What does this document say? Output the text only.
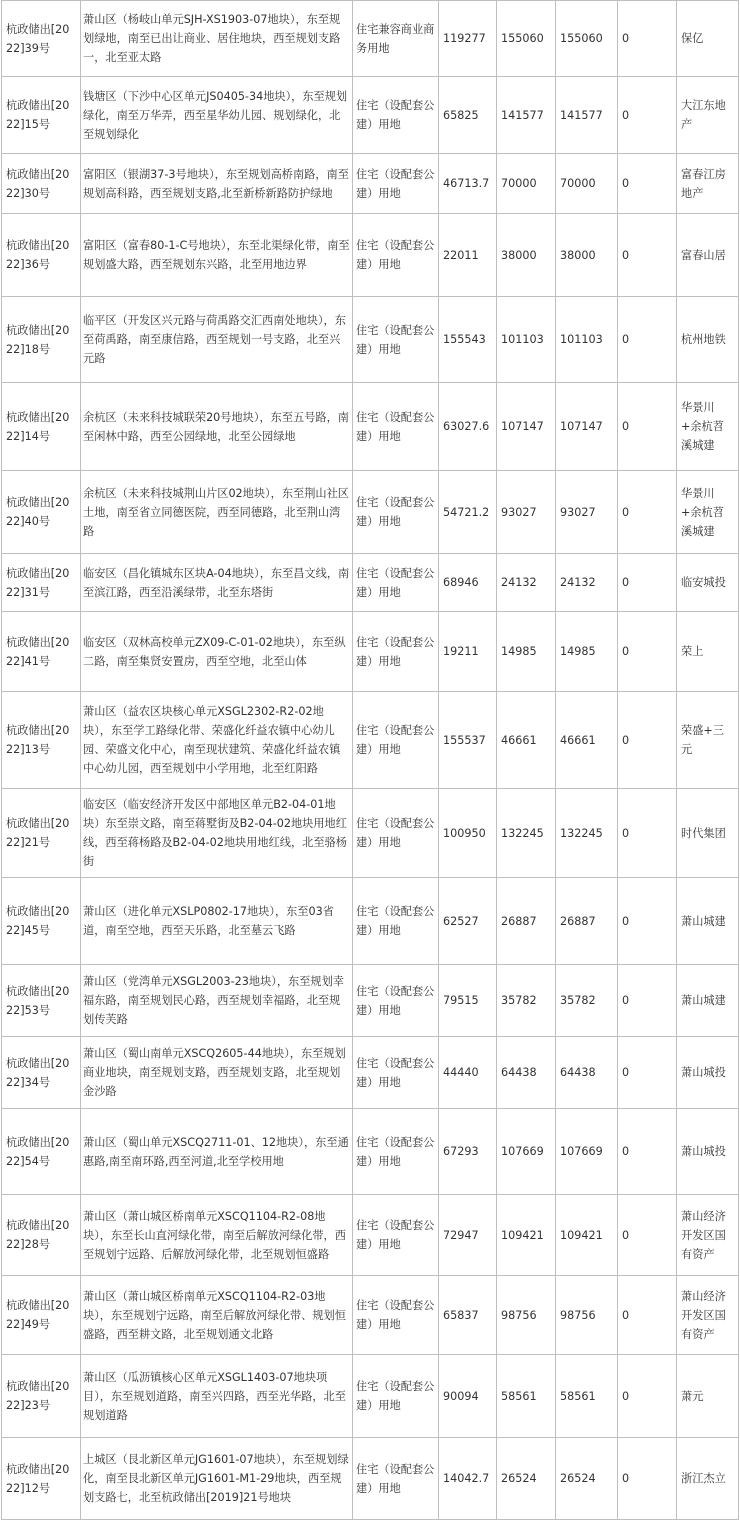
杭政储出[2022]39号	萧山区（杨岐山单元SJH-XS1903-07地块），东至规划绿地，南至已出让商业、居住地块，西至规划支路一，北至亚太路	住宅兼容商业商务用地	119277	155060	155060	0	保亿
杭政储出[2022]15号	钱塘区（下沙中心区单元JS0405-34地块），东至规划绿化，南至万华弄，西至星华幼儿园、规划绿化，北至规划绿化	住宅（设配套公建）用地	65825	141577	141577	0	大江东地产
杭政储出[2022]30号	富阳区（银湖37-3号地块），东至规划高桥南路，南至规划高科路，西至规划支路,北至新桥新路防护绿地	住宅（设配套公建）用地	46713.7	70000	70000	0	富春江房地产
杭政储出[2022]36号	富阳区（富春80-1-C号地块），东至北渠绿化带，南至规划盛大路，西至规划东兴路，北至用地边界	住宅（设配套公建）用地	22011	38000	38000	0	富春山居
杭政储出[2022]18号	临平区（开发区兴元路与荷禹路交汇西南处地块），东至荷禹路，南至康信路，西至规划一号支路，北至兴元路	住宅（设配套公建）用地	155543	101103	101103	0	杭州地铁
杭政储出[2022]14号	余杭区（未来科技城联荣20号地块），东至五号路，南至闲林中路，西至公园绿地，北至公园绿地	住宅（设配套公建）用地	63027.6	107147	107147	0	华景川+余杭苕溪城建
杭政储出[2022]40号	余杭区（未来科技城荆山片区02地块），东至荆山社区土地，南至省立同德医院，西至同德路，北至荆山湾路	住宅（设配套公建）用地	54721.2	93027	93027	0	华景川+余杭苕溪城建
杭政储出[2022]31号	临安区（昌化镇城东区块A-04地块），东至昌文线，南至滨江路，西至沿溪绿带，北至东塔街	住宅（设配套公建）用地	68946	24132	24132	0	临安城投
杭政储出[2022]41号	临安区（双林高校单元ZX09-C-01-02地块），东至纵二路，南至集贤安置房，西至空地，北至山体	住宅（设配套公建）用地	19211	14985	14985	0	荣上
杭政储出[2022]13号	萧山区（益农区块核心单元XSGL2302-R2-02地块），东至学工路绿化带、荣盛化纤益农镇中心幼儿园、荣盛文化中心，南至现状建筑、荣盛化纤益农镇中心幼儿园，西至规划中小学用地，北至红阳路	住宅（设配套公建）用地	155537	46661	46661	0	荣盛+三元
杭政储出[2022]21号	临安区（临安经济开发区中部地区单元B2-04-01地块）东至崇文路，南至蒋墅街及B2-04-02地块用地红线，西至蒋杨路及B2-04-02地块用地红线，北至骆杨街	住宅（设配套公建）用地	100950	132245	132245	0	时代集团
杭政储出[2022]45号	萧山区（进化单元XSLP0802-17地块），东至03省道，南至空地，西至天乐路，北至墓云飞路	住宅（设配套公建）用地	62527	26887	26887	0	萧山城建
杭政储出[2022]53号	萧山区（党湾单元XSGL2003-23地块），东至规划幸福东路，南至规划民心路，西至规划幸福路，北至规划传芙路	住宅（设配套公建）用地	79515	35782	35782	0	萧山城建
杭政储出[2022]34号	萧山区（蜀山南单元XSCQ2605-44地块），东至规划商业地块，南至规划支路，西至规划支路，北至规划金沙路	住宅（设配套公建）用地	44440	64438	64438	0	萧山城投
杭政储出[2022]54号	萧山区（蜀山单元XSCQ2711-01、12地块），东至通惠路,南至南环路,西至河道,北至学校用地	住宅（设配套公建）用地	67293	107669	107669	0	萧山城投
杭政储出[2022]28号	萧山区（萧山城区桥南单元XSCQ1104-R2-08地块），东至长山直河绿化带，南至后解放河绿化带，西至规划宁远路、后解放河绿化带，北至规划恒盛路	住宅（设配套公建）用地	72947	109421	109421	0	萧山经济开发区国有资产
杭政储出[2022]49号	萧山区（萧山城区桥南单元XSCQ1104-R2-03地块），东至规划宁远路，南至后解放河绿化带、规划恒盛路，西至耕文路，北至规划通文北路	住宅（设配套公建）用地	65837	98756	98756	0	萧山经济开发区国有资产
杭政储出[2022]23号	萧山区（瓜沥镇核心区单元XSGL1403-07地块项目），东至规划道路，南至兴四路，西至光华路，北至规划道路	住宅（设配套公建）用地	90094	58561	58561	0	萧元
杭政储出[2022]12号	上城区（艮北新区单元JG1601-07地块），东至规划绿化，南至艮北新区单元JG1601-M1-29地块，西至规划支路七，北至杭政储出[2019]21号地块	住宅（设配套公建）用地	14042.7	26524	26524	0	浙江杰立
